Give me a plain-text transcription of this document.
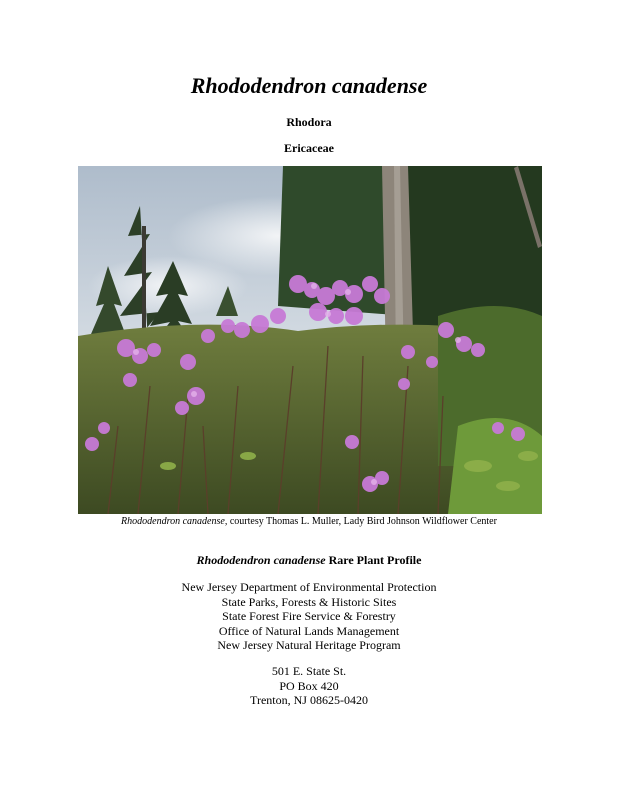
Rhododendron canadense
Rhodora
Ericaceae
Rhododendron canadense, courtesy Thomas L. Muller, Lady Bird Johnson Wildflower Center
Rhododendron canadense Rare Plant Profile
New Jersey Department of Environmental Protection
State Parks, Forests & Historic Sites
State Forest Fire Service & Forestry
Office of Natural Lands Management
New Jersey Natural Heritage Program
501 E. State St.
PO Box 420
Trenton, NJ 08625-0420
